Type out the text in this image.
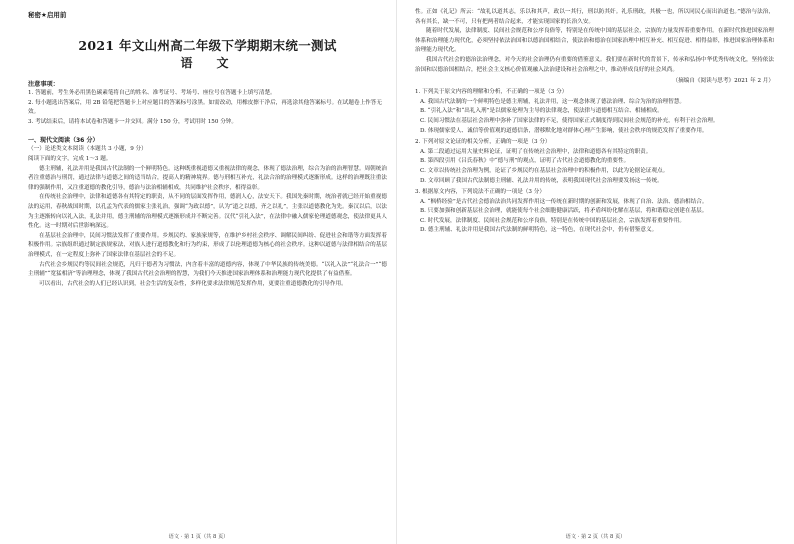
秘密★启用前
2021 年文山州高二年级下学期期末统一测试
语　文
注意事项：

1. 答题前，考生务必用黑色碳素笔将自己的姓名、准考证号、考场号、座位号在答题卡上填写清楚。

2. 每小题选出答案后，用 2B 铅笔把答题卡上对应题目的答案标号涂黑。如需改动，用橡皮擦干净后，再选涂其他答案标号。在试题卷上作答无效。

3. 考试结束后，请将本试卷和答题卡一并交回。满分 150 分，考试用时 150 分钟。

一、现代文阅读（36 分）

（一）论述类文本阅读（本题共 3 小题，9 分）

阅读下面的文字，完成 1～3 题。

德主刑辅，礼法并用是我国古代法制的一个鲜明特色。这种既重视道德又重视法律的观念，体现了德法治理，综合为治的治理智慧。周朝统治者注重德治与刑罚，通过法律与道德之间的适当结合，提高人的精神境界。德与刑相互补充，礼法合治的治理模式逐渐形成。这样的治理既注重法律的强制作用，又注重道德的教化引导，德治与法治相辅相成，共同维护社会秩序，相得益彰。

在传统社会治理中，法律和道德各有其特定的职责，从不同的层面发挥作用，德润人心，法安天下。我国先秦时期，统治者就已经开始重视德法的运用，春秋战国时期，以孔孟为代表的儒家主张礼治，强调“为政以德”，认为“道之以德，齐之以礼”，主张以道德教化为先。秦汉以后，以法为主逐渐转向以礼入法，礼法并用，德主刑辅的治理模式逐渐形成并不断完善。汉代“引礼入法”，在法律中融入儒家伦理道德观念，使法律更具人性化。这一时期对后世影响深远。

在基层社会治理中，民间习惯法发挥了重要作用。乡规民约、家族家规等，在维护乡村社会秩序、调解民间纠纷、促进社会和谐等方面发挥着积极作用。宗族组织通过制定族规家法，对族人进行道德教化和行为约束，形成了以伦理道德为核心的社会秩序。这种以道德与法律相结合的基层治理模式，在一定程度上弥补了国家法律在基层社会的不足。

古代社会乡规民约等民间社会规范，凡归于德者为习惯法，内含着丰富的道德内容，体现了中华民族的传统美德。“以礼入法”“礼法合一”“德主刑辅”“宽猛相济”等治理理念，体现了我国古代社会治理的智慧，为我们今天推进国家治理体系和治理能力现代化提供了有益借鉴。

可以看出，古代社会的人们已经认识到，社会生活的复杂性，多样化要求法律规范发挥作用，更要注重道德教化的引导作用。

语文 · 第 1 页（共 8 页）

性。正如《礼记》所云：“故礼以道其志，乐以和其声，政以一其行，刑以防其奸。礼乐刑政，其极一也，所以同民心而出治道也。”德治与法治，各有其长，缺一不可，只有把两者结合起来，才能实现国家的长治久安。

随着时代发展，法律制度、民间社会规范和公序良俗等，特别是在传统中国的基层社会，宗族的力量发挥着重要作用。在新时代推进国家治理体系和治理能力现代化，必须坚持依法治国和以德治国相结合，使法治和德治在国家治理中相互补充、相互促进、相得益彰，推进国家治理体系和治理能力现代化。

我国古代社会的德治法治理念，对今天的社会治理仍有重要的借鉴意义。我们要在新时代的背景下，传承和弘扬中华优秀传统文化，坚持依法治国和以德治国相结合，把社会主义核心价值观融入法治建设和社会治理之中，推动形成良好的社会风尚。

（摘编自《阅读与思考》2021 年 2 月）

1. 下列关于原文内容的理解和分析，不正确的一项是（3 分）

A. 我国古代法制的一个鲜明特色是德主刑辅，礼法并用，这一观念体现了德法治理、综合为治的治理智慧。

B. “引礼入法”和“出礼入刑”是以儒家伦理为主导的法律观念，使法律与道德相互结合、相辅相成。

C. 民间习惯法在基层社会治理中弥补了国家法律的不足，使得国家正式制度得到民间社会规范的补充，有利于社会治理。

D. 体现儒家爱人、诚信等价值观的道德信条，潜移默化地对群体心理产生影响，使社会秩序的规范发挥了重要作用。

2. 下列对原文论证的相关分析，正确的一项是（3 分）

A. 第二段通过运用大量史料论证，证明了在传统社会治理中，法律和道德各有其特定的职责。

B. 第四段引用《吕氏春秋》中“德与刑”的观点，证明了古代社会道德教化的重要性。

C. 文章以传统社会治理为例，论证了乡规民约在基层社会治理中的积极作用，以此为论据论证观点。

D. 文章回顾了我国古代法制德主刑辅、礼法并用的传统，表明我国现代社会治理要发扬这一传统。

3. 根据原文内容，下列说法不正确的一项是（3 分）

A. “枫桥经验”是古代社会德治法治共同发挥作用这一传统在新时期的创新和发展，体现了自治、法治、德治相结合。

B. 只要加强和创新基层社会治理，就能使每个社会细胞健康活跃，将矛盾纠纷化解在基层，将和谐稳定创建在基层。

C. 时代发展，法律制度、民间社会规范和公序良俗，特别是在传统中国的基层社会，宗族发挥着重要作用。

D. 德主刑辅、礼法并用是我国古代法制的鲜明特色，这一特色，在现代社会中，仍有借鉴意义。

语文 · 第 2 页（共 8 页）
